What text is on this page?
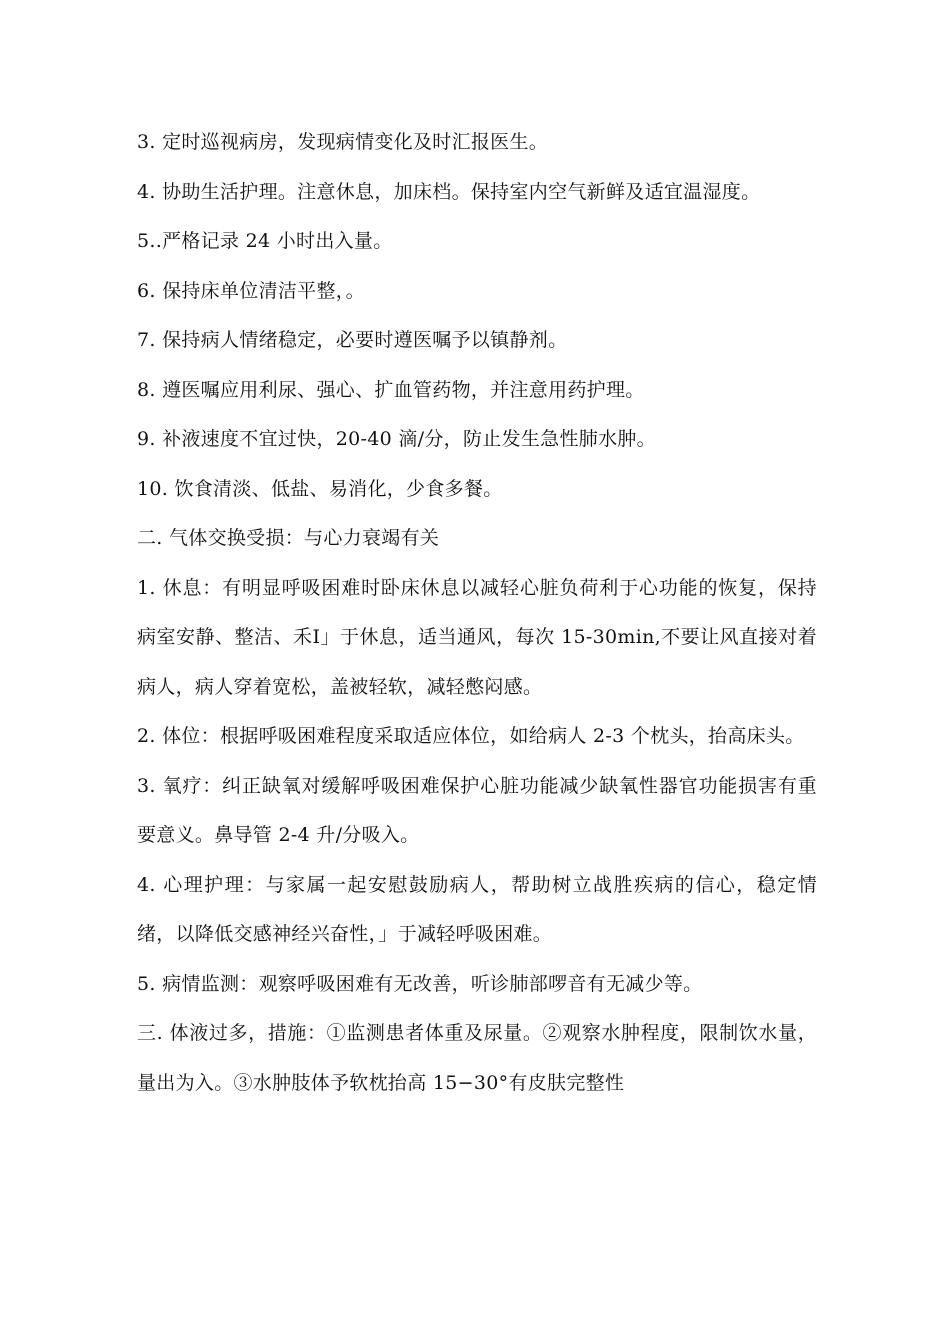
3. 定时巡视病房，发现病情变化及时汇报医生。

4. 协助生活护理。注意休息，加床档。保持室内空气新鲜及适宜温湿度。

5..严格记录 24 小时出入量。

6. 保持床单位清洁平整，。

7. 保持病人情绪稳定，必要时遵医嘱予以镇静剂。

8. 遵医嘱应用利尿、强心、扩血管药物，并注意用药护理。

9. 补液速度不宜过快，20-40 滴/分，防止发生急性肺水肿。

10. 饮食清淡、低盐、易消化，少食多餐。

二. 气体交换受损：与心力衰竭有关

1. 休息：有明显呼吸困难时卧床休息以减轻心脏负荷利于心功能的恢复，保持病室安静、整洁、禾I」于休息，适当通风，每次 15-30min,不要让风直接对着病人，病人穿着宽松，盖被轻软，减轻憋闷感。

2. 体位：根据呼吸困难程度采取适应体位，如给病人 2-3 个枕头，抬高床头。

3. 氧疗：纠正缺氧对缓解呼吸困难保护心脏功能减少缺氧性器官功能损害有重要意义。鼻导管 2-4 升/分吸入。

4. 心理护理：与家属一起安慰鼓励病人，帮助树立战胜疾病的信心，稳定情绪，以降低交感神经兴奋性，」于减轻呼吸困难。

5. 病情监测：观察呼吸困难有无改善，听诊肺部啰音有无减少等。

三. 体液过多，措施：①监测患者体重及尿量。②观察水肿程度，限制饮水量，量出为入。③水肿肢体予软枕抬高 15−30°有皮肤完整性
